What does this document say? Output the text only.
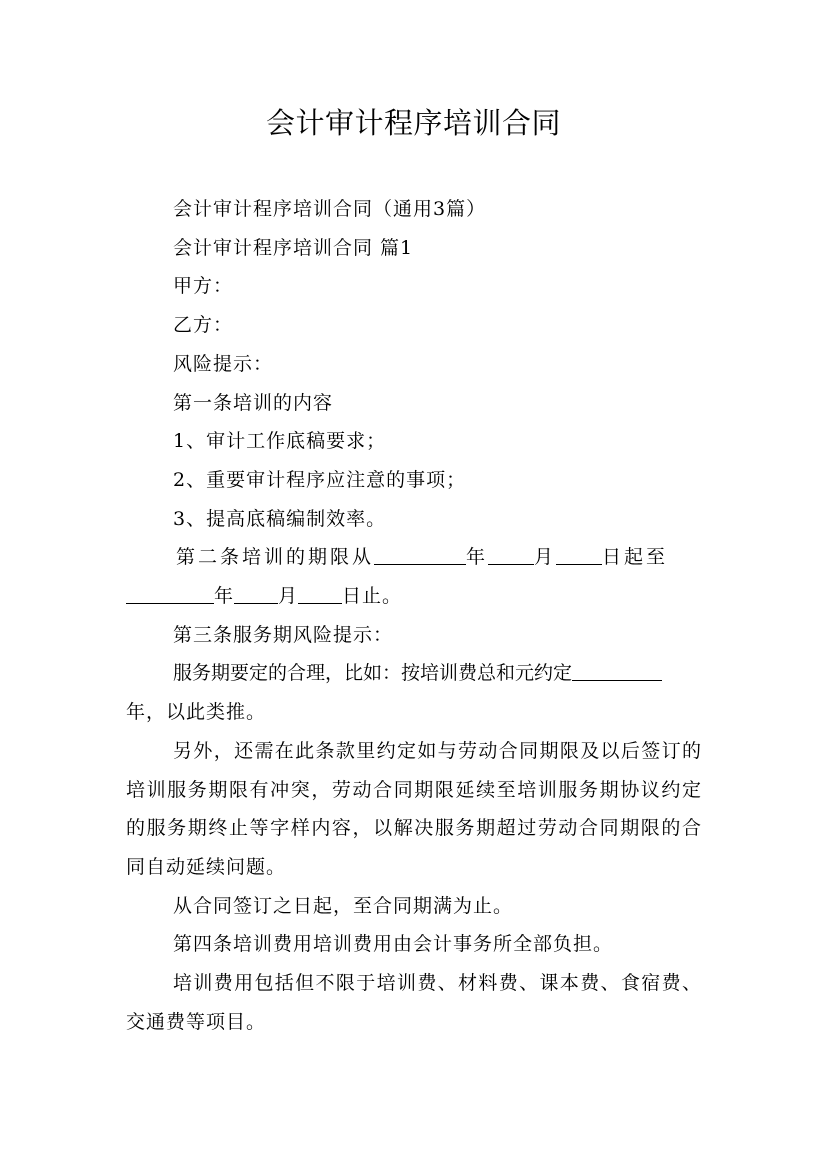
会计审计程序培训合同

会计审计程序培训合同（通用3篇）

会计审计程序培训合同 篇1

甲方：

乙方：

风险提示：

第一条培训的内容

1、审计工作底稿要求；

2、重要审计程序应注意的事项；

3、提高底稿编制效率。

第二条培训的期限从	年 月 日起至

年 月 日止。

第三条服务期风险提示：

服务期要定的合理，比如：按培训费总和元约定

年，以此类推。

另外，还需在此条款里约定如与劳动合同期限及以后签订的培训服务期限有冲突，劳动合同期限延续至培训服务期协议约定的服务期终止等字样内容，以解决服务期超过劳动合同期限的合同自动延续问题。

从合同签订之日起，至合同期满为止。

第四条培训费用培训费用由会计事务所全部负担。

培训费用包括但不限于培训费、材料费、课本费、食宿费、交通费等项目。
